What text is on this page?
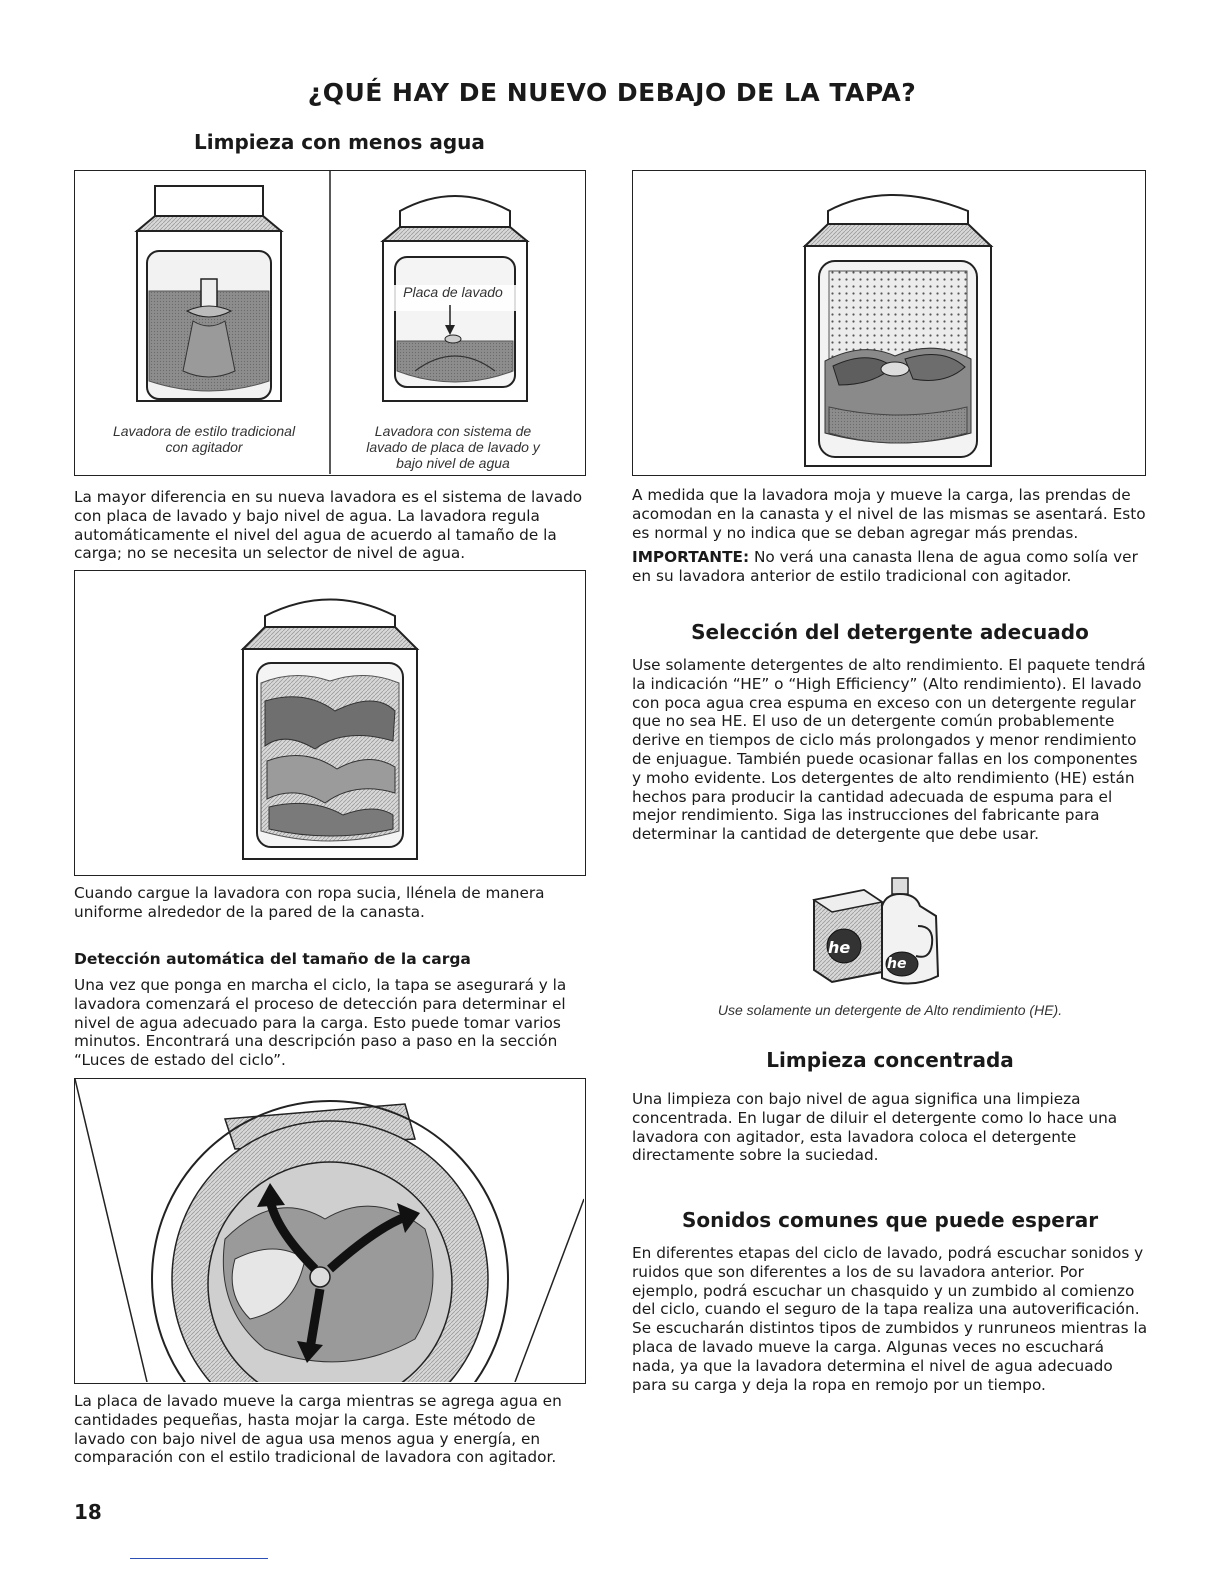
¿QUÉ HAY DE NUEVO DEBAJO DE LA TAPA?
Limpieza con menos agua
Placa de lavado

Lavadora de estilo tradicional con agitador

Lavadora con sistema de lavado de placa de lavado y bajo nivel de agua

La mayor diferencia en su nueva lavadora es el sistema de lavado con placa de lavado y bajo nivel de agua. La lavadora regula automáticamente el nivel del agua de acuerdo al tamaño de la carga; no se necesita un selector de nivel de agua.

Cuando cargue la lavadora con ropa sucia, llénela de manera uniforme alrededor de la pared de la canasta.

Detección automática del tamaño de la carga

Una vez que ponga en marcha el ciclo, la tapa se asegurará y la lavadora comenzará el proceso de detección para determinar el nivel de agua adecuado para la carga. Esto puede tomar varios minutos. Encontrará una descripción paso a paso en la sección “Luces de estado del ciclo”.

La placa de lavado mueve la carga mientras se agrega agua en cantidades pequeñas, hasta mojar la carga. Este método de lavado con bajo nivel de agua usa menos agua y energía, en comparación con el estilo tradicional de lavadora con agitador.

18

A medida que la lavadora moja y mueve la carga, las prendas de acomodan en la canasta y el nivel de las mismas se asentará. Esto es normal y no indica que se deban agregar más prendas.

IMPORTANTE: No verá una canasta llena de agua como solía ver en su lavadora anterior de estilo tradicional con agitador.

Selección del detergente adecuado

Use solamente detergentes de alto rendimiento. El paquete tendrá la indicación “HE” o “High Efficiency” (Alto rendimiento). El lavado con poca agua crea espuma en exceso con un detergente regular que no sea HE. El uso de un detergente común probablemente derive en tiempos de ciclo más prolongados y menor rendimiento de enjuague. También puede ocasionar fallas en los componentes y moho evidente. Los detergentes de alto rendimiento (HE) están hechos para producir la cantidad adecuada de espuma para el mejor rendimiento. Siga las instrucciones del fabricante para determinar la cantidad de detergente que debe usar.

he
he

Use solamente un detergente de Alto rendimiento (HE).

Limpieza concentrada

Una limpieza con bajo nivel de agua significa una limpieza concentrada. En lugar de diluir el detergente como lo hace una lavadora con agitador, esta lavadora coloca el detergente directamente sobre la suciedad.

Sonidos comunes que puede esperar

En diferentes etapas del ciclo de lavado, podrá escuchar sonidos y ruidos que son diferentes a los de su lavadora anterior. Por ejemplo, podrá escuchar un chasquido y un zumbido al comienzo del ciclo, cuando el seguro de la tapa realiza una autoverificación. Se escucharán distintos tipos de zumbidos y runruneos mientras la placa de lavado mueve la carga. Algunas veces no escuchará nada, ya que la lavadora determina el nivel de agua adecuado para su carga y deja la ropa en remojo por un tiempo.
